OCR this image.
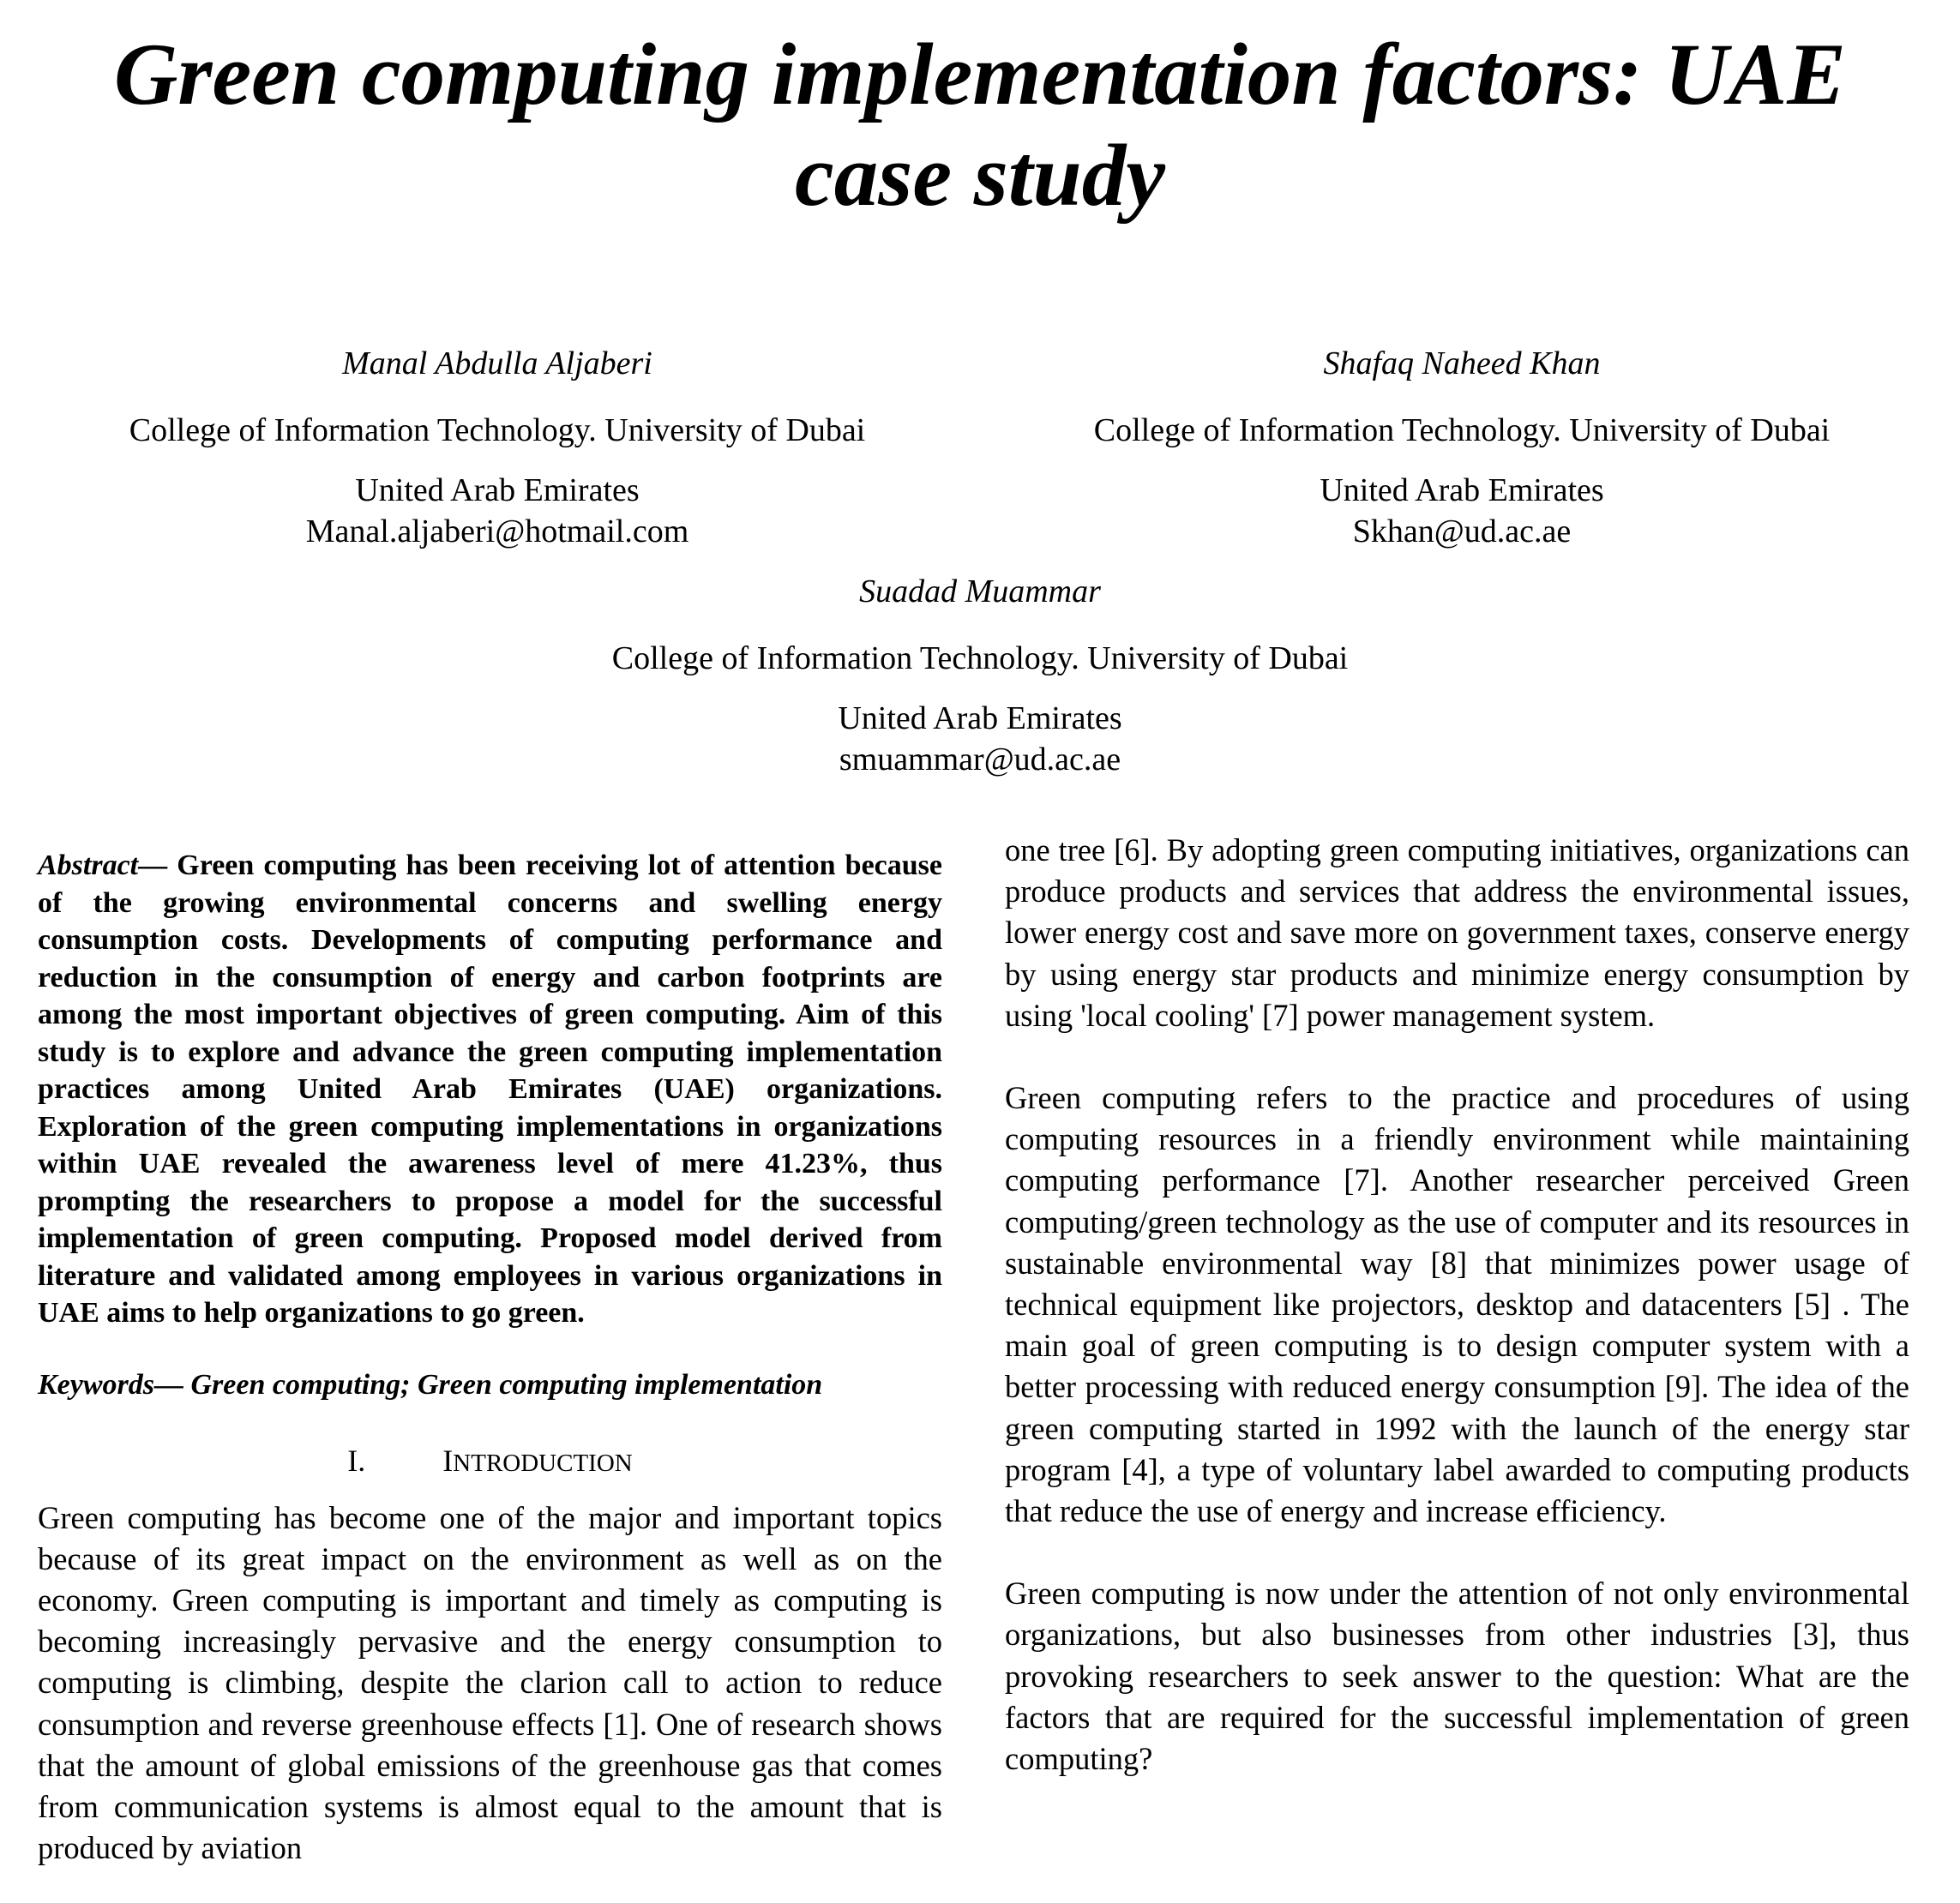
Green computing implementation factors: UAE case study
Manal Abdulla Aljaberi
College of Information Technology. University of Dubai
United Arab Emirates
Manal.aljaberi@hotmail.com
Shafaq Naheed Khan
College of Information Technology. University of Dubai
United Arab Emirates
Skhan@ud.ac.ae
Suadad Muammar
College of Information Technology. University of Dubai
United Arab Emirates
smuammar@ud.ac.ae

Abstract— Green computing has been receiving lot of attention because of the growing environmental concerns and swelling energy consumption costs. Developments of computing performance and reduction in the consumption of energy and carbon footprints are among the most important objectives of green computing. Aim of this study is to explore and advance the green computing implementation practices among United Arab Emirates (UAE) organizations. Exploration of the green computing implementations in organizations within UAE revealed the awareness level of mere 41.23%, thus prompting the researchers to propose a model for the successful implementation of green computing. Proposed model derived from literature and validated among employees in various organizations in UAE aims to help organizations to go green.

Keywords— Green computing; Green computing implementation

I.	INTRODUCTION

Green computing has become one of the major and important topics because of its great impact on the environment as well as on the economy. Green computing is important and timely as computing is becoming increasingly pervasive and the energy consumption to computing is climbing, despite the clarion call to action to reduce consumption and reverse greenhouse effects [1]. One of research shows that the amount of global emissions of the greenhouse gas that comes from communication systems is almost equal to the amount that is produced by aviation

one tree [6]. By adopting green computing initiatives, organizations can produce products and services that address the environmental issues, lower energy cost and save more on government taxes, conserve energy by using energy star products and minimize energy consumption by using 'local cooling' [7] power management system.

Green computing refers to the practice and procedures of using computing resources in a friendly environment while maintaining computing performance [7]. Another researcher perceived Green computing/green technology as the use of computer and its resources in sustainable environmental way [8] that minimizes power usage of technical equipment like projectors, desktop and datacenters [5] . The main goal of green computing is to design computer system with a better processing with reduced energy consumption [9]. The idea of the green computing started in 1992 with the launch of the energy star program [4], a type of voluntary label awarded to computing products that reduce the use of energy and increase efficiency.

Green computing is now under the attention of not only environmental organizations, but also businesses from other industries [3], thus provoking researchers to seek answer to the question: What are the factors that are required for the successful implementation of green computing?
